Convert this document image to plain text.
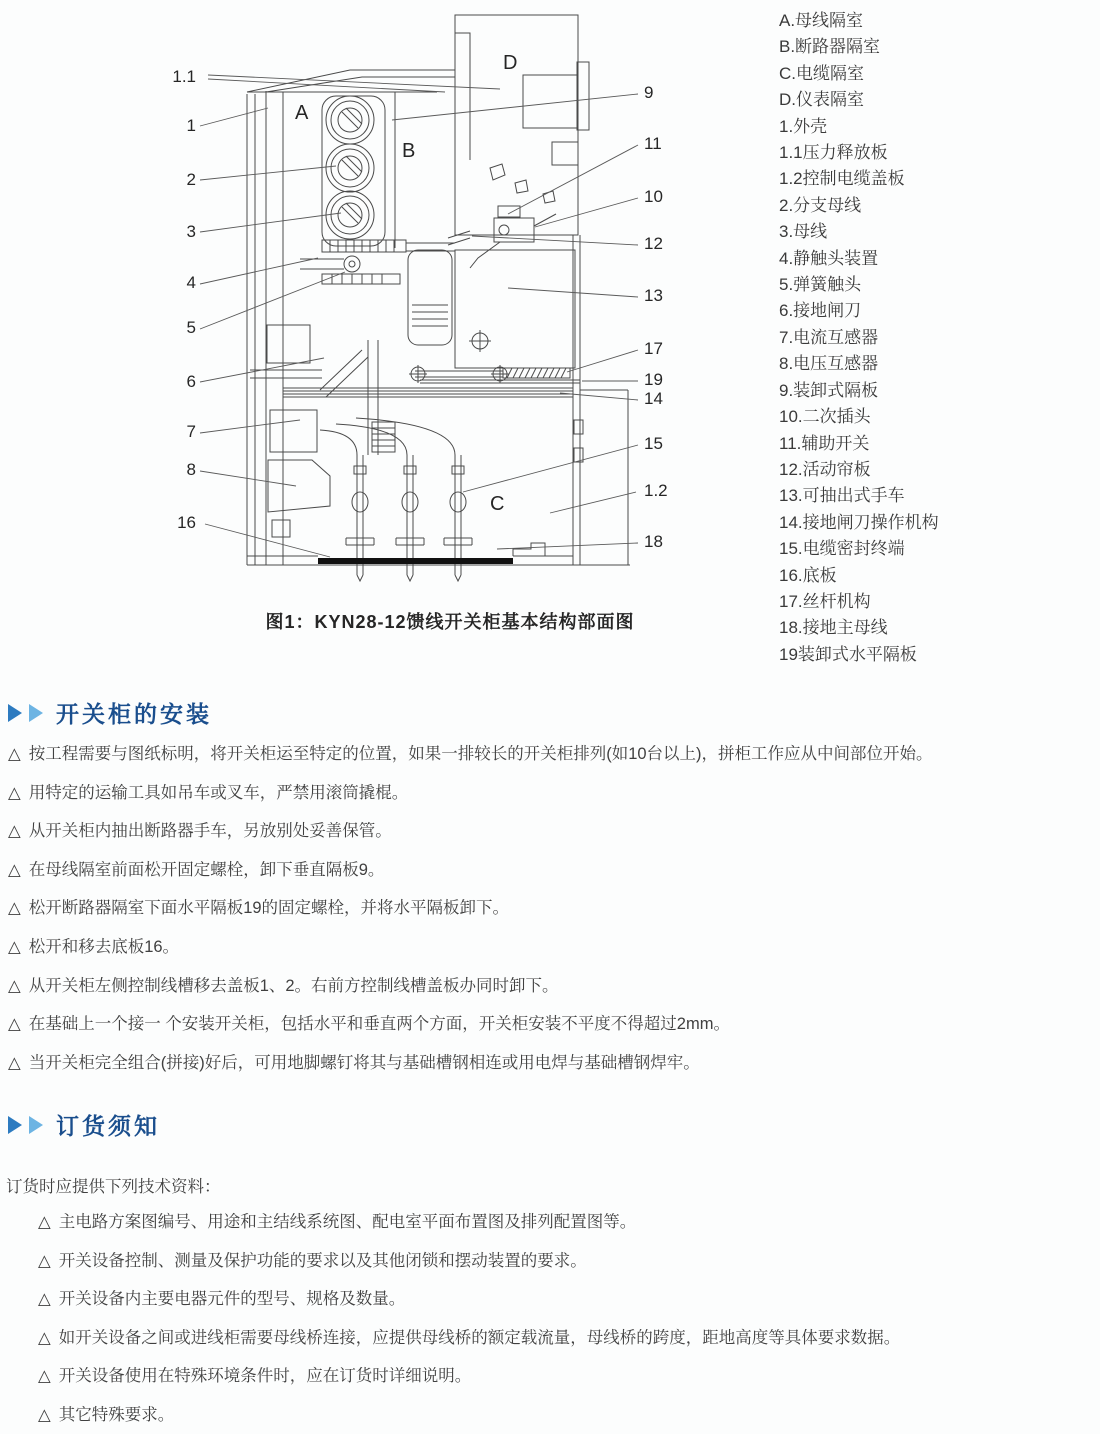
A
B
C
D
1.1
1
2
3
4
5
6
7
8
16
9
11
10
12
13
17
19
14
15
1.2
18
图1：KYN28-12馈线开关柜基本结构部面图
A.母线隔室
B.断路器隔室
C.电缆隔室
D.仪表隔室
1.外壳
1.1压力释放板
1.2控制电缆盖板
2.分支母线
3.母线
4.静触头装置
5.弹簧触头
6.接地闸刀
7.电流互感器
8.电压互感器
9.装卸式隔板
10.二次插头
11.辅助开关
12.活动帘板
13.可抽出式手车
14.接地闸刀操作机构
15.电缆密封终端
16.底板
17.丝杆机构
18.接地主母线
19装卸式水平隔板
开关柜的安装
△ 按工程需要与图纸标明，将开关柜运至特定的位置，如果一排较长的开关柜排列(如10台以上)，拼柜工作应从中间部位开始。
△ 用特定的运输工具如吊车或叉车，严禁用滚筒撬棍。
△ 从开关柜内抽出断路器手车，另放别处妥善保管。
△ 在母线隔室前面松开固定螺栓，卸下垂直隔板9。
△ 松开断路器隔室下面水平隔板19的固定螺栓，并将水平隔板卸下。
△ 松开和移去底板16。
△ 从开关柜左侧控制线槽移去盖板1、2。右前方控制线槽盖板办同时卸下。
△ 在基础上一个接一 个安装开关柜，包括水平和垂直两个方面，开关柜安装不平度不得超过2mm。
△ 当开关柜完全组合(拼接)好后，可用地脚螺钉将其与基础槽钢相连或用电焊与基础槽钢焊牢。
订货须知
订货时应提供下列技术资料：
△ 主电路方案图编号、用途和主结线系统图、配电室平面布置图及排列配置图等。
△ 开关设备控制、测量及保护功能的要求以及其他闭锁和摆动装置的要求。
△ 开关设备内主要电器元件的型号、规格及数量。
△ 如开关设备之间或进线柜需要母线桥连接，应提供母线桥的额定载流量，母线桥的跨度，距地高度等具体要求数据。
△ 开关设备使用在特殊环境条件时，应在订货时详细说明。
△ 其它特殊要求。
